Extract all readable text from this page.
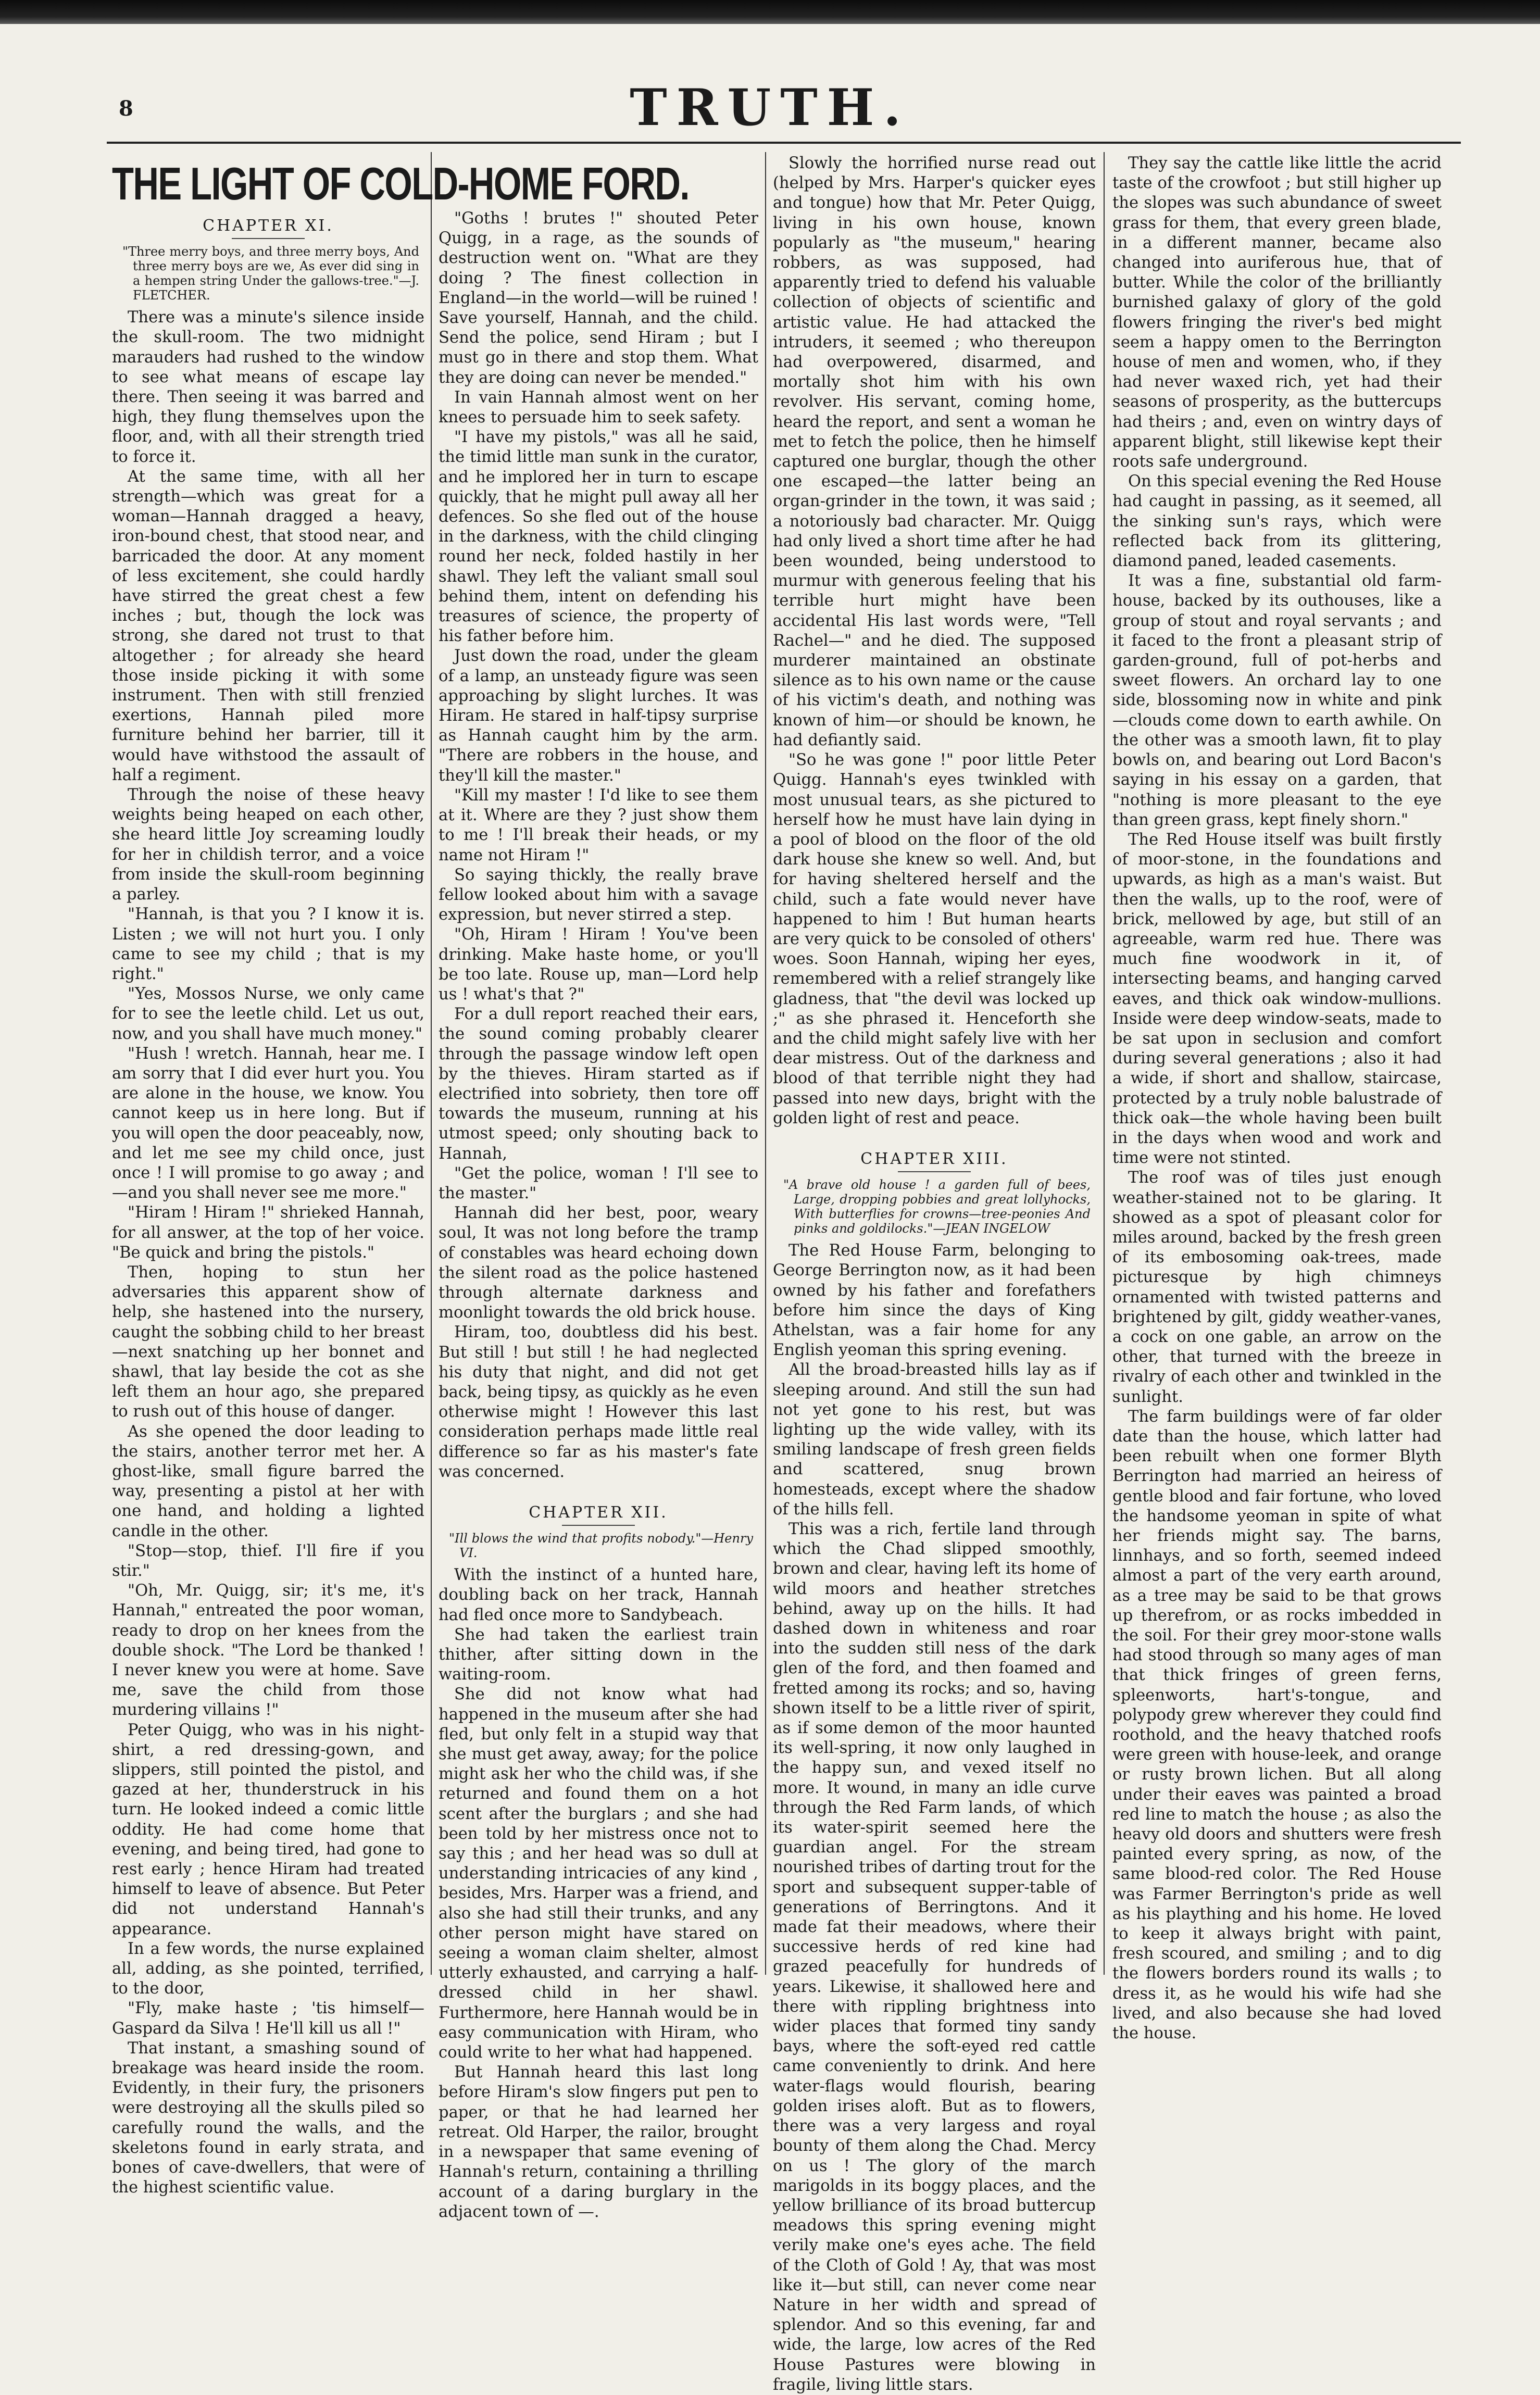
8	TRUTH.
THE LIGHT OF COLD-HOME FORD.
CHAPTER XI.
"Three merry boys, and three merry boys, And three merry boys are we, As ever did sing in a hempen string Under the gallows-tree."—J. FLETCHER.

There was a minute's silence inside the skull-room. The two midnight marauders had rushed to the window to see what means of escape lay there. Then seeing it was barred and high, they flung themselves upon the floor, and, with all their strength tried to force it.

At the same time, with all her strength—which was great for a woman—Hannah dragged a heavy, iron-bound chest, that stood near, and barricaded the door. At any moment of less excitement, she could hardly have stirred the great chest a few inches ; but, though the lock was strong, she dared not trust to that altogether ; for already she heard those inside picking it with some instrument. Then with still frenzied exertions, Hannah piled more furniture behind her barrier, till it would have withstood the assault of half a regiment.

Through the noise of these heavy weights being heaped on each other, she heard little Joy screaming loudly for her in childish terror, and a voice from inside the skull-room beginning a parley.

"Hannah, is that you ? I know it is. Listen ; we will not hurt you. I only came to see my child ; that is my right."

"Yes, Mossos Nurse, we only came for to see the leetle child. Let us out, now, and you shall have much money."

"Hush ! wretch. Hannah, hear me. I am sorry that I did ever hurt you. You are alone in the house, we know. You cannot keep us in here long. But if you will open the door peaceably, now, and let me see my child once, just once ! I will promise to go away ; and—and you shall never see me more."

"Hiram ! Hiram !" shrieked Hannah, for all answer, at the top of her voice. "Be quick and bring the pistols."

Then, hoping to stun her adversaries this apparent show of help, she hastened into the nursery, caught the sobbing child to her breast—next snatching up her bonnet and shawl, that lay beside the cot as she left them an hour ago, she prepared to rush out of this house of danger.

As she opened the door leading to the stairs, another terror met her. A ghost-like, small figure barred the way, presenting a pistol at her with one hand, and holding a lighted candle in the other.

"Stop—stop, thief. I'll fire if you stir."

"Oh, Mr. Quigg, sir; it's me, it's Hannah," entreated the poor woman, ready to drop on her knees from the double shock. "The Lord be thanked ! I never knew you were at home. Save me, save the child from those murdering villains !"

Peter Quigg, who was in his night-shirt, a red dressing-gown, and slippers, still pointed the pistol, and gazed at her, thunderstruck in his turn. He looked indeed a comic little oddity. He had come home that evening, and being tired, had gone to rest early ; hence Hiram had treated himself to leave of absence. But Peter did not understand Hannah's appearance.

In a few words, the nurse explained all, adding, as she pointed, terrified, to the door,

"Fly, make haste ; 'tis himself—Gaspard da Silva ! He'll kill us all !"

That instant, a smashing sound of breakage was heard inside the room. Evidently, in their fury, the prisoners were destroying all the skulls piled so carefully round the walls, and the skeletons found in early strata, and bones of cave-dwellers, that were of the highest scientific value.

"Goths ! brutes !" shouted Peter Quigg, in a rage, as the sounds of destruction went on. "What are they doing ? The finest collection in England—in the world—will be ruined ! Save yourself, Hannah, and the child. Send the police, send Hiram ; but I must go in there and stop them. What they are doing can never be mended."

In vain Hannah almost went on her knees to persuade him to seek safety.

"I have my pistols," was all he said, the timid little man sunk in the curator, and he implored her in turn to escape quickly, that he might pull away all her defences. So she fled out of the house in the darkness, with the child clinging round her neck, folded hastily in her shawl. They left the valiant small soul behind them, intent on defending his treasures of science, the property of his father before him.

Just down the road, under the gleam of a lamp, an unsteady figure was seen approaching by slight lurches. It was Hiram. He stared in half-tipsy surprise as Hannah caught him by the arm. "There are robbers in the house, and they'll kill the master."

"Kill my master ! I'd like to see them at it. Where are they ? just show them to me ! I'll break their heads, or my name not Hiram !"

So saying thickly, the really brave fellow looked about him with a savage expression, but never stirred a step.

"Oh, Hiram ! Hiram ! You've been drinking. Make haste home, or you'll be too late. Rouse up, man—Lord help us ! what's that ?"

For a dull report reached their ears, the sound coming probably clearer through the passage window left open by the thieves. Hiram started as if electrified into sobriety, then tore off towards the museum, running at his utmost speed; only shouting back to Hannah,

"Get the police, woman ! I'll see to the master."

Hannah did her best, poor, weary soul, It was not long before the tramp of constables was heard echoing down the silent road as the police hastened through alternate darkness and moonlight towards the old brick house.

Hiram, too, doubtless did his best. But still ! but still ! he had neglected his duty that night, and did not get back, being tipsy, as quickly as he even otherwise might ! However this last consideration perhaps made little real difference so far as his master's fate was concerned.

CHAPTER XII.
"Ill blows the wind that profits nobody."—Henry VI.

With the instinct of a hunted hare, doubling back on her track, Hannah had fled once more to Sandybeach.

She had taken the earliest train thither, after sitting down in the waiting-room.

She did not know what had happened in the museum after she had fled, but only felt in a stupid way that she must get away, away; for the police might ask her who the child was, if she returned and found them on a hot scent after the burglars ; and she had been told by her mistress once not to say this ; and her head was so dull at understanding intricacies of any kind , besides, Mrs. Harper was a friend, and also she had still their trunks, and any other person might have stared on seeing a woman claim shelter, almost utterly exhausted, and carrying a half-dressed child in her shawl. Furthermore, here Hannah would be in easy communication with Hiram, who could write to her what had happened.

But Hannah heard this last long before Hiram's slow fingers put pen to paper, or that he had learned her retreat. Old Harper, the railor, brought in a newspaper that same evening of Hannah's return, containing a thrilling account of a daring burglary in the adjacent town of —.

Slowly the horrified nurse read out (helped by Mrs. Harper's quicker eyes and tongue) how that Mr. Peter Quigg, living in his own house, known popularly as "the museum," hearing robbers, as was supposed, had apparently tried to defend his valuable collection of objects of scientific and artistic value. He had attacked the intruders, it seemed ; who thereupon had overpowered, disarmed, and mortally shot him with his own revolver. His servant, coming home, heard the report, and sent a woman he met to fetch the police, then he himself captured one burglar, though the other one escaped—the latter being an organ-grinder in the town, it was said ; a notoriously bad character. Mr. Quigg had only lived a short time after he had been wounded, being understood to murmur with generous feeling that his terrible hurt might have been accidental His last words were, "Tell Rachel—" and he died. The supposed murderer maintained an obstinate silence as to his own name or the cause of his victim's death, and nothing was known of him—or should be known, he had defiantly said.

"So he was gone !" poor little Peter Quigg. Hannah's eyes twinkled with most unusual tears, as she pictured to herself how he must have lain dying in a pool of blood on the floor of the old dark house she knew so well. And, but for having sheltered herself and the child, such a fate would never have happened to him ! But human hearts are very quick to be consoled of others' woes. Soon Hannah, wiping her eyes, remembered with a relief strangely like gladness, that "the devil was locked up ;" as she phrased it. Henceforth she and the child might safely live with her dear mistress. Out of the darkness and blood of that terrible night they had passed into new days, bright with the golden light of rest and peace.

CHAPTER XIII.
"A brave old house ! a garden full of bees, Large, dropping pobbies and great lollyhocks, With butterflies for crowns—tree-peonies And pinks and goldilocks."—JEAN INGELOW

The Red House Farm, belonging to George Berrington now, as it had been owned by his father and forefathers before him since the days of King Athelstan, was a fair home for any English yeoman this spring evening.

All the broad-breasted hills lay as if sleeping around. And still the sun had not yet gone to his rest, but was lighting up the wide valley, with its smiling landscape of fresh green fields and scattered, snug brown homesteads, except where the shadow of the hills fell.

This was a rich, fertile land through which the Chad slipped smoothly, brown and clear, having left its home of wild moors and heather stretches behind, away up on the hills. It had dashed down in whiteness and roar into the sudden still ness of the dark glen of the ford, and then foamed and fretted among its rocks; and so, having shown itself to be a little river of spirit, as if some demon of the moor haunted its well-spring, it now only laughed in the happy sun, and vexed itself no more. It wound, in many an idle curve through the Red Farm lands, of which its water-spirit seemed here the guardian angel. For the stream nourished tribes of darting trout for the sport and subsequent supper-table of generations of Berringtons. And it made fat their meadows, where their successive herds of red kine had grazed peacefully for hundreds of years. Likewise, it shallowed here and there with rippling brightness into wider places that formed tiny sandy bays, where the soft-eyed red cattle came conveniently to drink. And here water-flags would flourish, bearing golden irises aloft. But as to flowers, there was a very largess and royal bounty of them along the Chad. Mercy on us ! The glory of the march marigolds in its boggy places, and the yellow brilliance of its broad buttercup meadows this spring evening might verily make one's eyes ache. The field of the Cloth of Gold ! Ay, that was most like it—but still, can never come near Nature in her width and spread of splendor. And so this evening, far and wide, the large, low acres of the Red House Pastures were blowing in fragile, living little stars.

They say the cattle like little the acrid taste of the crowfoot ; but still higher up the slopes was such abundance of sweet grass for them, that every green blade, in a different manner, became also changed into auriferous hue, that of butter. While the color of the brilliantly burnished galaxy of glory of the gold flowers fringing the river's bed might seem a happy omen to the Berrington house of men and women, who, if they had never waxed rich, yet had their seasons of prosperity, as the buttercups had theirs ; and, even on wintry days of apparent blight, still likewise kept their roots safe underground.

On this special evening the Red House had caught in passing, as it seemed, all the sinking sun's rays, which were reflected back from its glittering, diamond paned, leaded casements.

It was a fine, substantial old farm-house, backed by its outhouses, like a group of stout and royal servants ; and it faced to the front a pleasant strip of garden-ground, full of pot-herbs and sweet flowers. An orchard lay to one side, blossoming now in white and pink—clouds come down to earth awhile. On the other was a smooth lawn, fit to play bowls on, and bearing out Lord Bacon's saying in his essay on a garden, that "nothing is more pleasant to the eye than green grass, kept finely shorn."

The Red House itself was built firstly of moor-stone, in the foundations and upwards, as high as a man's waist. But then the walls, up to the roof, were of brick, mellowed by age, but still of an agreeable, warm red hue. There was much fine woodwork in it, of intersecting beams, and hanging carved eaves, and thick oak window-mullions. Inside were deep window-seats, made to be sat upon in seclusion and comfort during several generations ; also it had a wide, if short and shallow, staircase, protected by a truly noble balustrade of thick oak—the whole having been built in the days when wood and work and time were not stinted.

The roof was of tiles just enough weather-stained not to be glaring. It showed as a spot of pleasant color for miles around, backed by the fresh green of its embosoming oak-trees, made picturesque by high chimneys ornamented with twisted patterns and brightened by gilt, giddy weather-vanes, a cock on one gable, an arrow on the other, that turned with the breeze in rivalry of each other and twinkled in the sunlight.

The farm buildings were of far older date than the house, which latter had been rebuilt when one former Blyth Berrington had married an heiress of gentle blood and fair fortune, who loved the handsome yeoman in spite of what her friends might say. The barns, linnhays, and so forth, seemed indeed almost a part of the very earth around, as a tree may be said to be that grows up therefrom, or as rocks imbedded in the soil. For their grey moor-stone walls had stood through so many ages of man that thick fringes of green ferns, spleenworts, hart's-tongue, and polypody grew wherever they could find roothold, and the heavy thatched roofs were green with house-leek, and orange or rusty brown lichen. But all along under their eaves was painted a broad red line to match the house ; as also the heavy old doors and shutters were fresh painted every spring, as now, of the same blood-red color. The Red House was Farmer Berrington's pride as well as his plaything and his home. He loved to keep it always bright with paint, fresh scoured, and smiling ; and to dig the flowers borders round its walls ; to dress it, as he would his wife had she lived, and also because she had loved the house.
